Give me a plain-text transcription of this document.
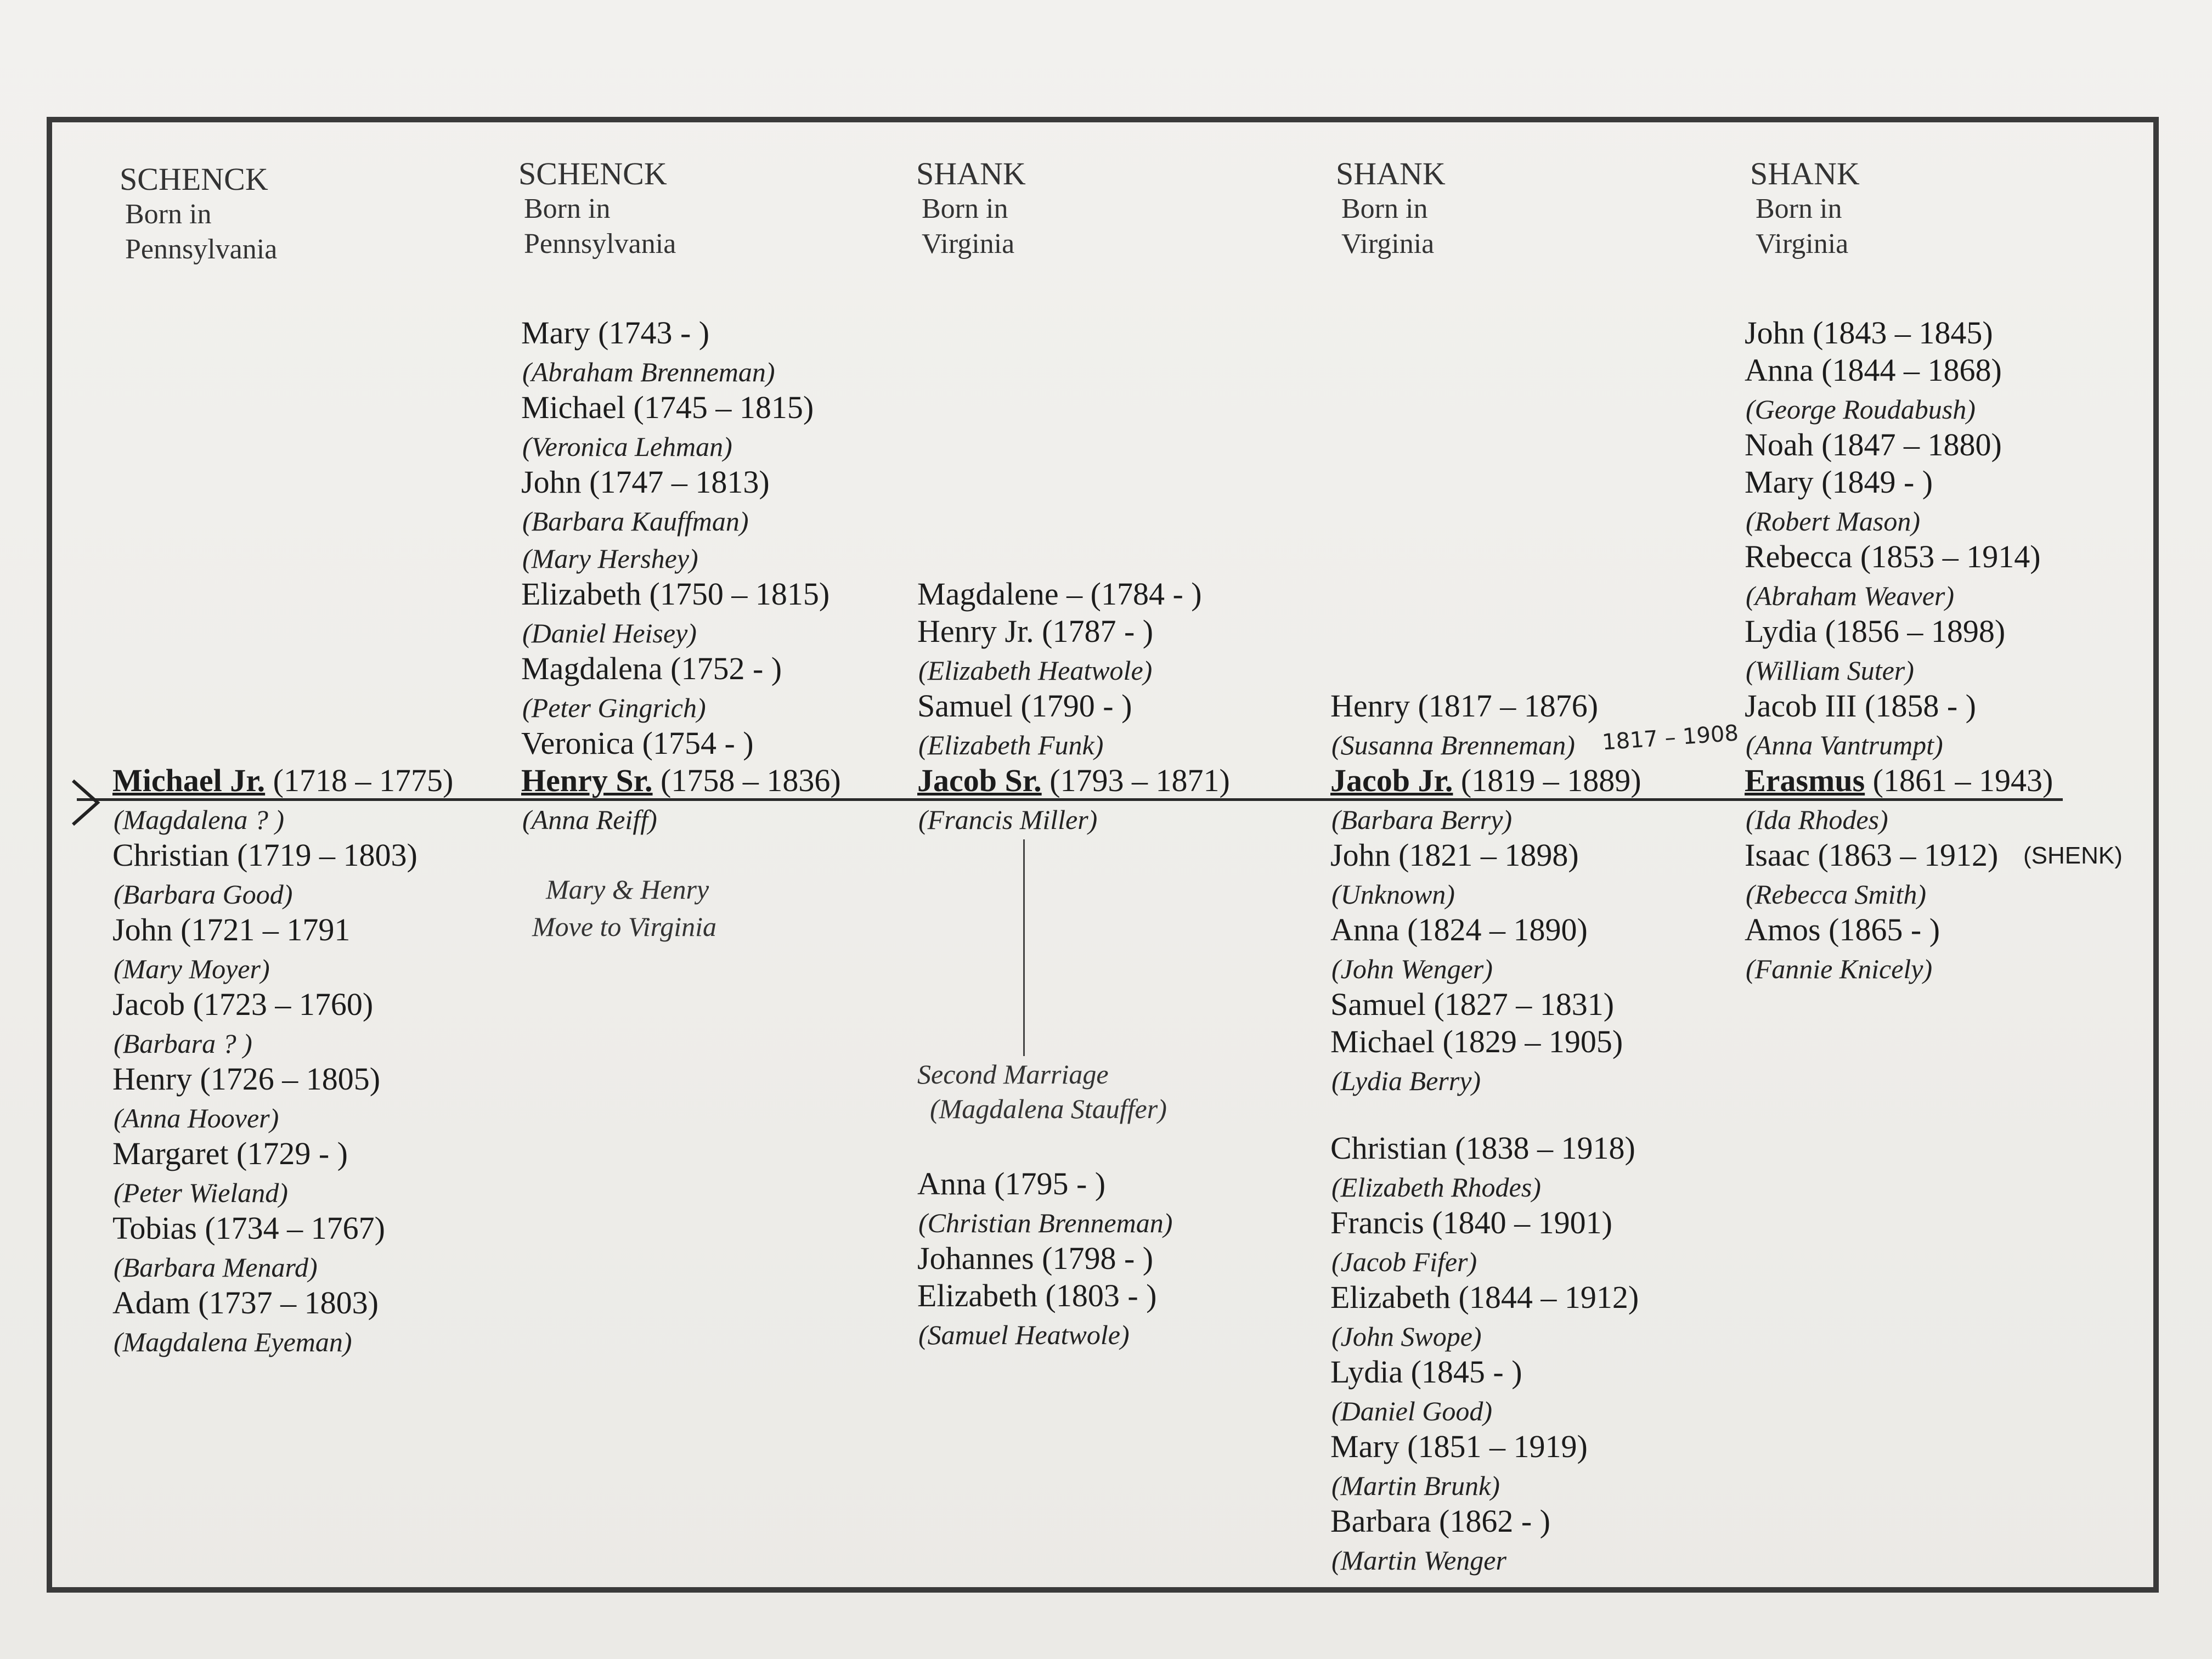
SCHENCK
Born in
Pennsylvania
SCHENCK
Born in
Pennsylvania
SHANK
Born in
Virginia
SHANK
Born in
Virginia
SHANK
Born in
Virginia
Michael Jr. (1718 – 1775)
(Magdalena ? )
Christian (1719 – 1803)
(Barbara Good)
John (1721 – 1791
(Mary Moyer)
Jacob (1723 – 1760)
(Barbara ? )
Henry (1726 – 1805)
(Anna Hoover)
Margaret (1729 - )
(Peter Wieland)
Tobias (1734 – 1767)
(Barbara Menard)
Adam (1737 – 1803)
(Magdalena Eyeman)
Mary (1743 - )
(Abraham Brenneman)
Michael (1745 – 1815)
(Veronica Lehman)
John (1747 – 1813)
(Barbara Kauffman)
(Mary Hershey)
Elizabeth (1750 – 1815)
(Daniel Heisey)
Magdalena (1752 - )
(Peter Gingrich)
Veronica (1754 - )
Henry Sr. (1758 – 1836)
(Anna Reiff)
Magdalene – (1784 - )
Henry Jr. (1787 - )
(Elizabeth Heatwole)
Samuel (1790 - )
(Elizabeth Funk)
Jacob Sr. (1793 – 1871)
(Francis Miller)
Anna (1795 - )
(Christian Brenneman)
Johannes (1798 - )
Elizabeth (1803 - )
(Samuel Heatwole)
Henry (1817 – 1876)
(Susanna Brenneman)
Jacob Jr. (1819 – 1889)
(Barbara Berry)
John (1821 – 1898)
(Unknown)
Anna (1824 – 1890)
(John Wenger)
Samuel (1827 – 1831)
Michael (1829 – 1905)
(Lydia Berry)
Christian (1838 – 1918)
(Elizabeth Rhodes)
Francis (1840 – 1901)
(Jacob Fifer)
Elizabeth (1844 – 1912)
(John Swope)
Lydia (1845 - )
(Daniel Good)
Mary (1851 – 1919)
(Martin Brunk)
Barbara (1862 - )
(Martin Wenger
John (1843 – 1845)
Anna (1844 – 1868)
(George Roudabush)
Noah (1847 – 1880)
Mary (1849 - )
(Robert Mason)
Rebecca (1853 – 1914)
(Abraham Weaver)
Lydia (1856 – 1898)
(William Suter)
Jacob III (1858 - )
(Anna Vantrumpt)
Erasmus (1861 – 1943)
(Ida Rhodes)
Isaac (1863 – 1912)
(Rebecca Smith)
Amos (1865 - )
(Fannie Knicely)
Mary & Henry
Move to Virginia
Second Marriage
(Magdalena Stauffer)
1817 – 1908
(SHENK)
